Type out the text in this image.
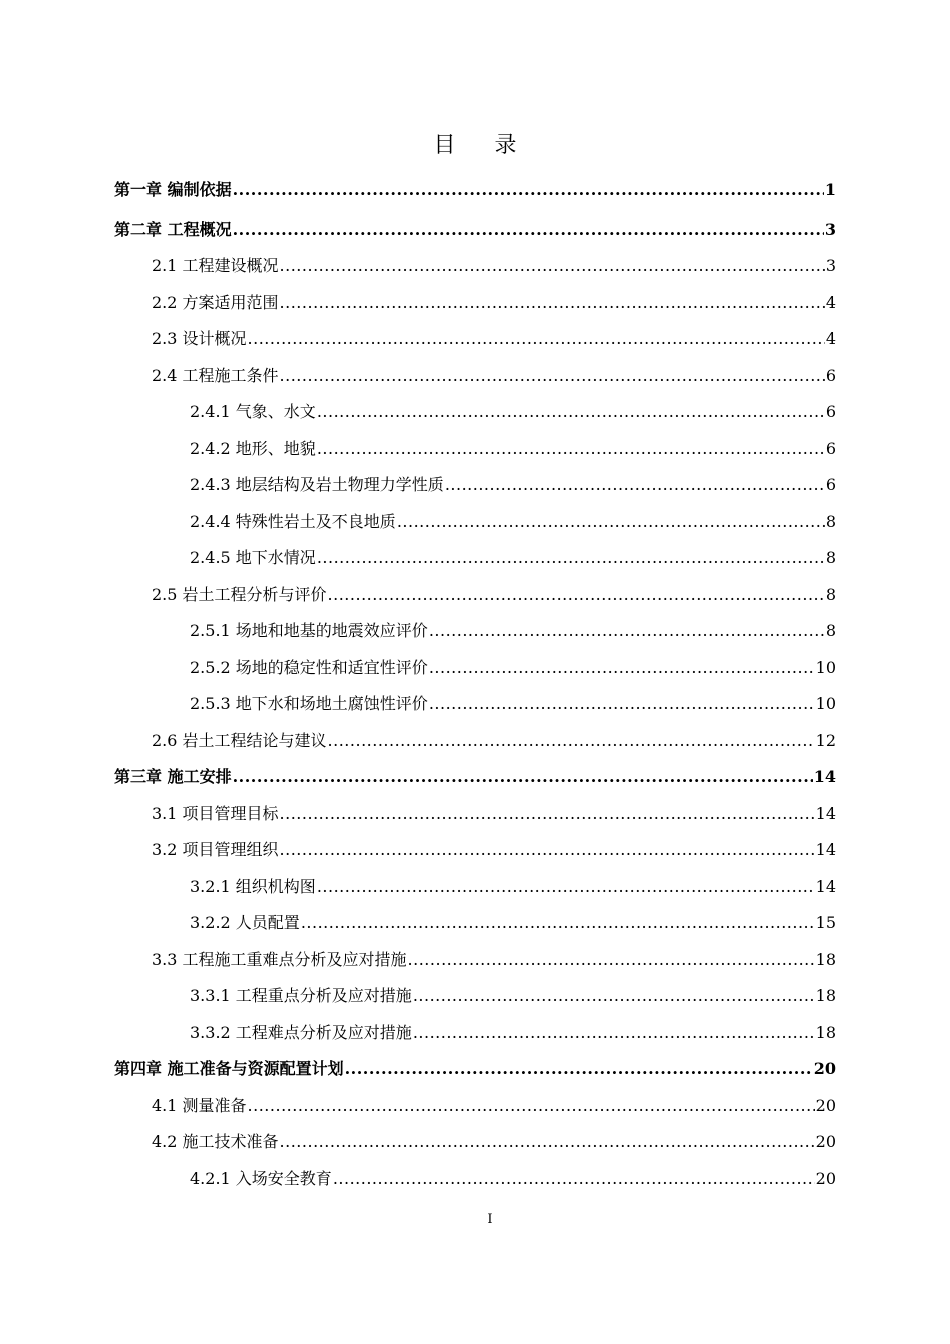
目 录
第一章 编制依据 .....	1
第二章 工程概况 .....	3
2.1 工程建设概况 .....	3
2.2 方案适用范围 .....	4
2.3 设计概况 .....	4
2.4 工程施工条件 .....	6
2.4.1 气象、水文 .....	6
2.4.2 地形、地貌 .....	6
2.4.3 地层结构及岩土物理力学性质 .....	6
2.4.4 特殊性岩土及不良地质 .....	8
2.4.5 地下水情况 .....	8
2.5 岩土工程分析与评价 .....	8
2.5.1 场地和地基的地震效应评价 .....	8
2.5.2 场地的稳定性和适宜性评价 .....	10
2.5.3 地下水和场地土腐蚀性评价 .....	10
2.6 岩土工程结论与建议 .....	12
第三章 施工安排 .....	14
3.1 项目管理目标 .....	14
3.2 项目管理组织 .....	14
3.2.1 组织机构图 .....	14
3.2.2 人员配置 .....	15
3.3 工程施工重难点分析及应对措施 .....	18
3.3.1 工程重点分析及应对措施 .....	18
3.3.2 工程难点分析及应对措施 .....	18
第四章 施工准备与资源配置计划 .....	20
4.1 测量准备 .....	20
4.2 施工技术准备 .....	20
4.2.1 入场安全教育 .....	20
I
